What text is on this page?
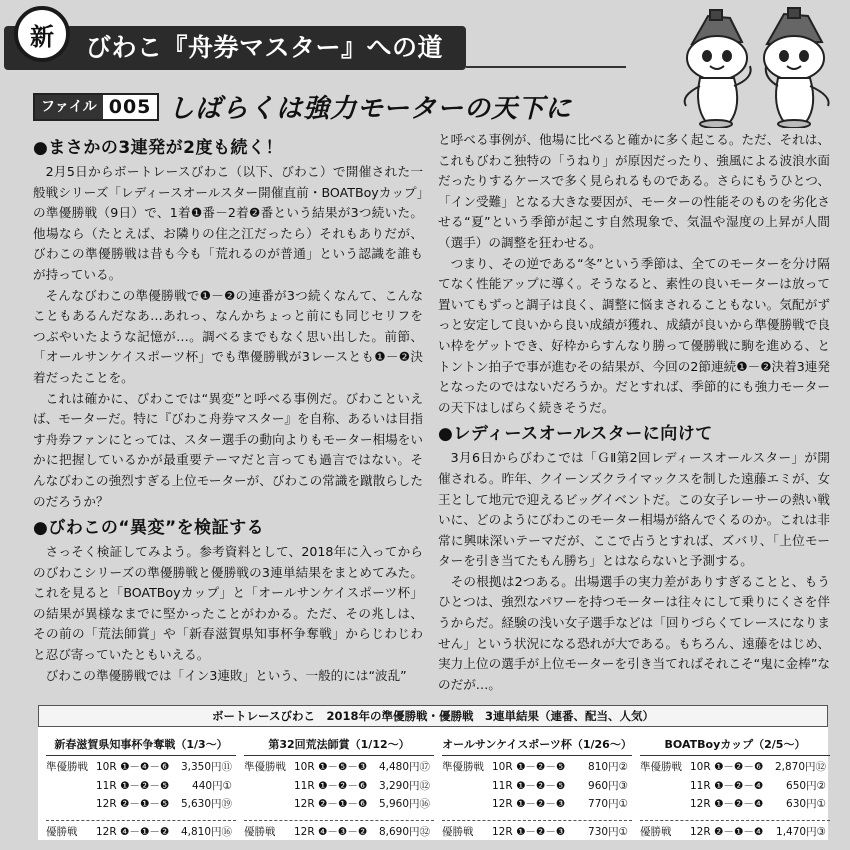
新	びわこ『舟券マスター』への道
ファイル 005 しばらくは強力モーターの天下に
●まさかの3連発が2度も続く！

2月5日からボートレースびわこ（以下、びわこ）で開催された一般戦シリーズ「レディースオールスター開催直前・BOATBoyカップ」の準優勝戦（9日）で、1着❶番－2着❷番という結果が3つ続いた。他場なら（たとえば、お隣りの住之江だったら）それもありだが、びわこの準優勝戦は昔も今も「荒れるのが普通」という認識を誰もが持っている。

そんなびわこの準優勝戦で❶－❷の連番が3つ続くなんて、こんなこともあるんだなあ…あれっ、なんかちょっと前にも同じセリフをつぶやいたような記憶が…。調べるまでもなく思い出した。前節、「オールサンケイスポーツ杯」でも準優勝戦が3レースとも❶－❷決着だったことを。

これは確かに、びわこでは“異変”と呼べる事例だ。びわこといえば、モーターだ。特に『びわこ舟券マスター』を自称、あるいは目指す舟券ファンにとっては、スター選手の動向よりもモーター相場をいかに把握しているかが最重要テーマだと言っても過言ではない。そんなびわこの強烈すぎる上位モーターが、びわこの常識を蹴散らしたのだろうか？

●びわこの“異変”を検証する

さっそく検証してみよう。参考資料として、2018年に入ってからのびわこシリーズの準優勝戦と優勝戦の3連単結果をまとめてみた。これを見ると「BOATBoyカップ」と「オールサンケイスポーツ杯」の結果が異様なまでに堅かったことがわかる。ただ、その兆しは、その前の「荒法師賞」や「新春滋賀県知事杯争奪戦」からじわじわと忍び寄っていたともいえる。

びわこの準優勝戦では「イン3連敗」という、一般的には“波乱”

と呼べる事例が、他場に比べると確かに多く起こる。ただ、それは、これもびわこ独特の「うねり」が原因だったり、強風による波浪水面だったりするケースで多く見られるものである。さらにもうひとつ、「イン受難」となる大きな要因が、モーターの性能そのものを劣化させる“夏”という季節が起こす自然現象で、気温や湿度の上昇が人間（選手）の調整を狂わせる。

つまり、その逆である“冬”という季節は、全てのモーターを分け隔てなく性能アップに導く。そうなると、素性の良いモーターは放って置いてもずっと調子は良く、調整に悩まされることもない。気配がずっと安定して良いから良い成績が獲れ、成績が良いから準優勝戦で良い枠をゲットでき、好枠からすんなり勝って優勝戦に駒を進める、とトントン拍子で事が進むその結果が、今回の2節連続❶－❷決着3連発となったのではないだろうか。だとすれば、季節的にも強力モーターの天下はしばらく続きそうだ。

●レディースオールスターに向けて

3月6日からびわこでは「ＧⅡ第2回レディースオールスター」が開催される。昨年、クイーンズクライマックスを制した遠藤エミが、女王として地元で迎えるビッグイベントだ。この女子レーサーの熱い戦いに、どのようにびわこのモーター相場が絡んでくるのか。これは非常に興味深いテーマだが、ここで占うとすれば、ズバリ、「上位モーターを引き当てたもん勝ち」とはならないと予測する。

その根拠は2つある。出場選手の実力差がありすぎることと、もうひとつは、強烈なパワーを持つモーターは往々にして乗りにくさを伴うからだ。経験の浅い女子選手などは「回りづらくてレースになりません」という状況になる恐れが大である。もちろん、遠藤をはじめ、実力上位の選手が上位モーターを引き当てればそれこそ“鬼に金棒”なのだが…。

ボートレースびわこ　2018年の準優勝戦・優勝戦　3連単結果（連番、配当、人気）
新春滋賀県知事杯争奪戦（1/3〜）
準優勝戦 10R ❶－❹－❻	3,350円⑪
11R ❶－❷－❺	440円①
12R ❷－❶－❺	5,630円⑲
優勝戦	12R ❹－❶－❷	4,810円⑯
第32回荒法師賞（1/12〜）
準優勝戦 10R ❶－❺－❸	4,480円⑰
11R ❶－❷－❻	3,290円⑫
12R ❷－❶－❻	5,960円⑯
優勝戦	12R ❹－❸－❷	8,690円㉜
オールサンケイスポーツ杯（1/26〜）
準優勝戦 10R ❶－❷－❺	810円②
11R ❶－❷－❺	960円③
12R ❶－❷－❸	770円①
優勝戦	12R ❶－❷－❸	730円①
BOATBoyカップ（2/5〜）
準優勝戦 10R ❶－❷－❻	2,870円⑫
11R ❶－❷－❹	650円②
12R ❶－❷－❹	630円①
優勝戦	12R ❷－❶－❹	1,470円③
